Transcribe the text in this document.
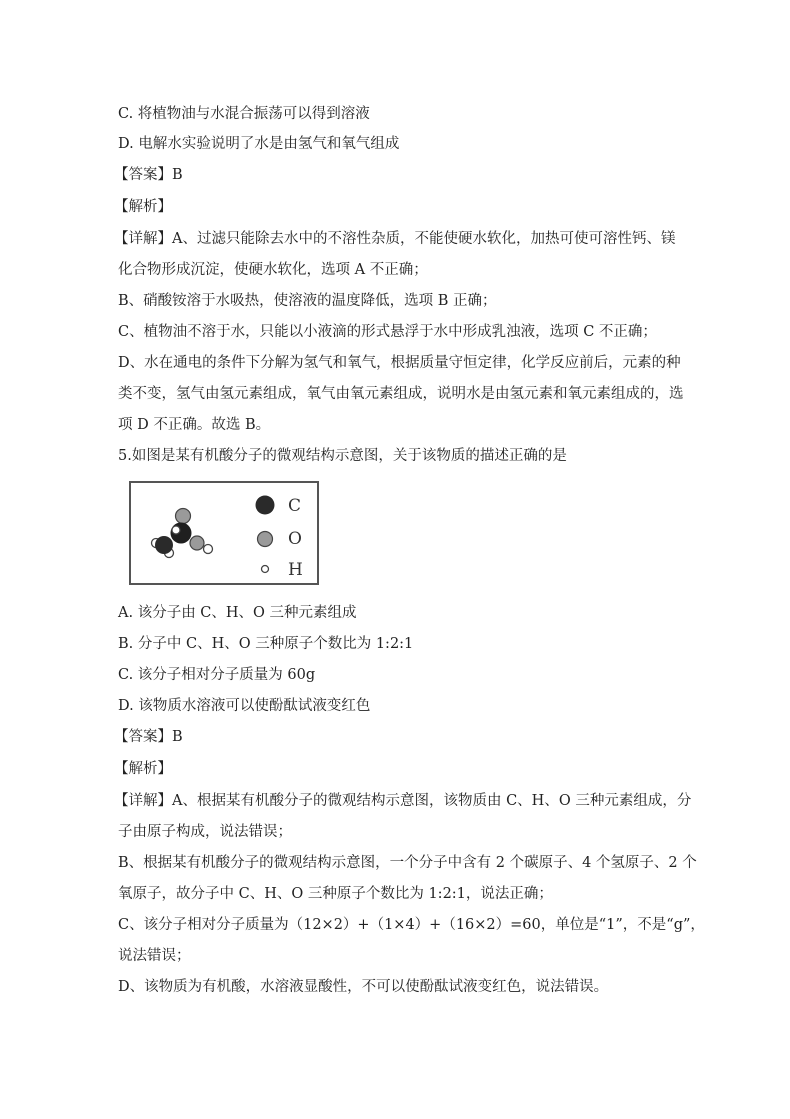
C. 将植物油与水混合振荡可以得到溶液
D. 电解水实验说明了水是由氢气和氧气组成
【答案】B
【解析】
【详解】A、过滤只能除去水中的不溶性杂质，不能使硬水软化，加热可使可溶性钙、镁
化合物形成沉淀，使硬水软化，选项 A 不正确；
B、硝酸铵溶于水吸热，使溶液的温度降低，选项 B 正确；
C、植物油不溶于水，只能以小液滴的形式悬浮于水中形成乳浊液，选项 C 不正确；
D、水在通电的条件下分解为氢气和氧气，根据质量守恒定律，化学反应前后，元素的种
类不变，氢气由氢元素组成，氧气由氧元素组成，说明水是由氢元素和氧元素组成的，选
项 D 不正确。故选 B。
5.如图是某有机酸分子的微观结构示意图，关于该物质的描述正确的是
C
O
H
A. 该分子由 C、H、O 三种元素组成
B. 分子中 C、H、O 三种原子个数比为 1:2:1
C. 该分子相对分子质量为 60g
D. 该物质水溶液可以使酚酞试液变红色
【答案】B
【解析】
【详解】A、根据某有机酸分子的微观结构示意图，该物质由 C、H、O 三种元素组成，分
子由原子构成，说法错误；
B、根据某有机酸分子的微观结构示意图，一个分子中含有 2 个碳原子、4 个氢原子、2 个
氧原子，故分子中 C、H、O 三种原子个数比为 1:2:1，说法正确；
C、该分子相对分子质量为（12×2）+（1×4）+（16×2）=60，单位是“1”，不是“g”，
说法错误；
D、该物质为有机酸，水溶液显酸性，不可以使酚酞试液变红色，说法错误。
